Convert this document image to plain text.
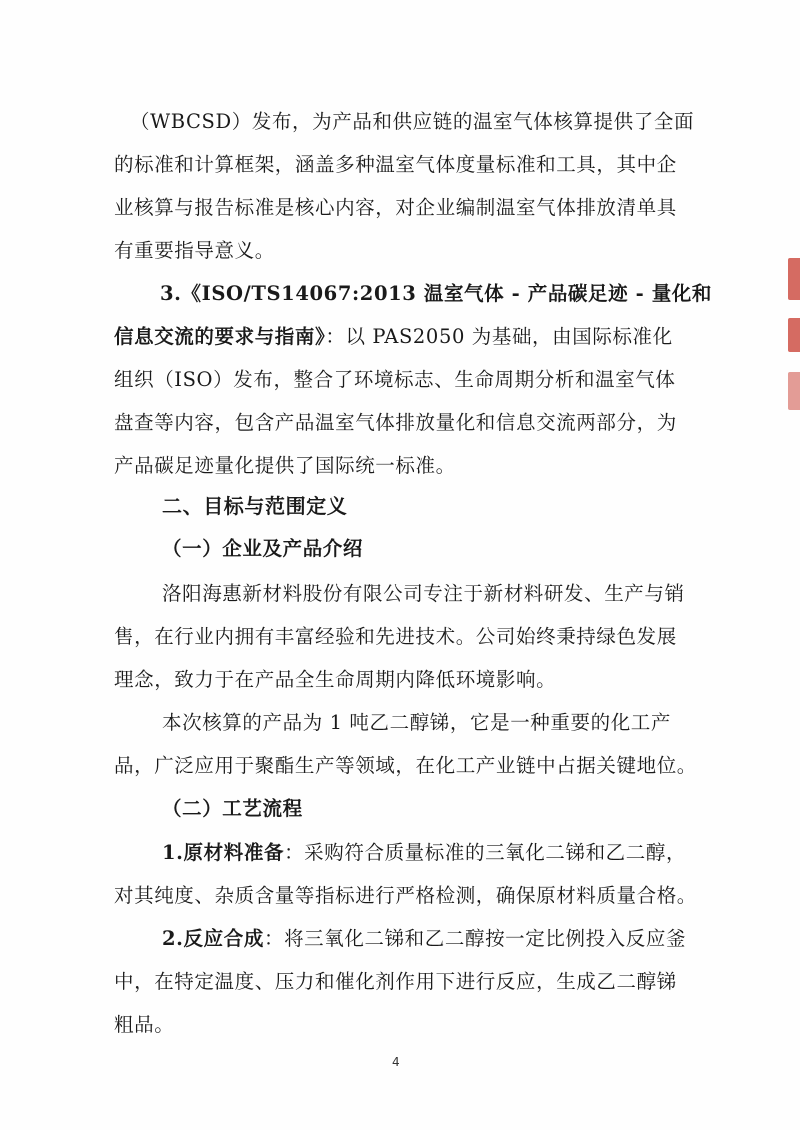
（WBCSD）发布，为产品和供应链的温室气体核算提供了全面
的标准和计算框架，涵盖多种温室气体度量标准和工具，其中企
业核算与报告标准是核心内容，对企业编制温室气体排放清单具
有重要指导意义。
3.《ISO/TS14067:2013 温室气体 - 产品碳足迹 - 量化和
信息交流的要求与指南》：以 PAS2050 为基础，由国际标准化
组织（ISO）发布，整合了环境标志、生命周期分析和温室气体
盘查等内容，包含产品温室气体排放量化和信息交流两部分，为
产品碳足迹量化提供了国际统一标准。
二、目标与范围定义
（一）企业及产品介绍
洛阳海惠新材料股份有限公司专注于新材料研发、生产与销
售，在行业内拥有丰富经验和先进技术。公司始终秉持绿色发展
理念，致力于在产品全生命周期内降低环境影响。
本次核算的产品为 1 吨乙二醇锑，它是一种重要的化工产
品，广泛应用于聚酯生产等领域，在化工产业链中占据关键地位。
（二）工艺流程
1.原材料准备：采购符合质量标准的三氧化二锑和乙二醇，
对其纯度、杂质含量等指标进行严格检测，确保原材料质量合格。
2.反应合成：将三氧化二锑和乙二醇按一定比例投入反应釜
中，在特定温度、压力和催化剂作用下进行反应，生成乙二醇锑
粗品。
4
